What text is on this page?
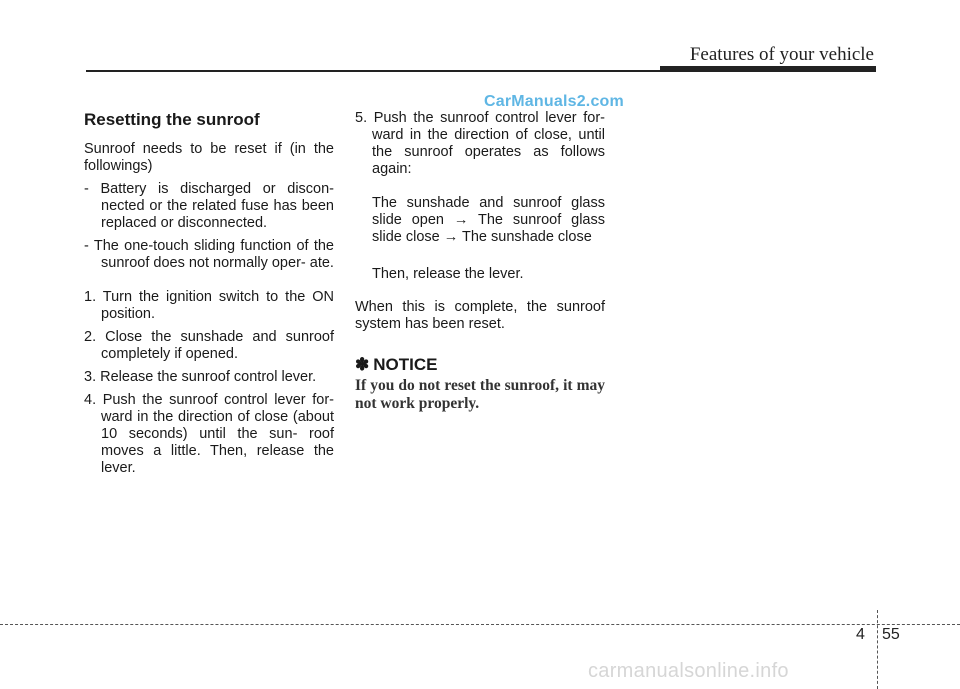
Features of your vehicle
CarManuals2.com
Resetting the sunroof

Sunroof needs to be reset if (in the followings)

- Battery is discharged or discon- nected or the related fuse has been replaced or disconnected.

- The one-touch sliding function of the sunroof does not normally oper- ate.

1. Turn the ignition switch to the ON position.

2. Close the sunshade and sunroof completely if opened.

3. Release the sunroof control lever.

4. Push the sunroof control lever for- ward in the direction of close (about 10 seconds) until the sun- roof moves a little. Then, release the lever.

5. Push the sunroof control lever for- ward in the direction of close, until the sunroof operates as follows again:

The sunshade and sunroof glass slide open → The sunroof glass slide close → The sunshade close

Then, release the lever.

When this is complete, the sunroof system has been reset.

✽ NOTICE

If you do not reset the sunroof, it may not work properly.

4 55
carmanualsonline.info
